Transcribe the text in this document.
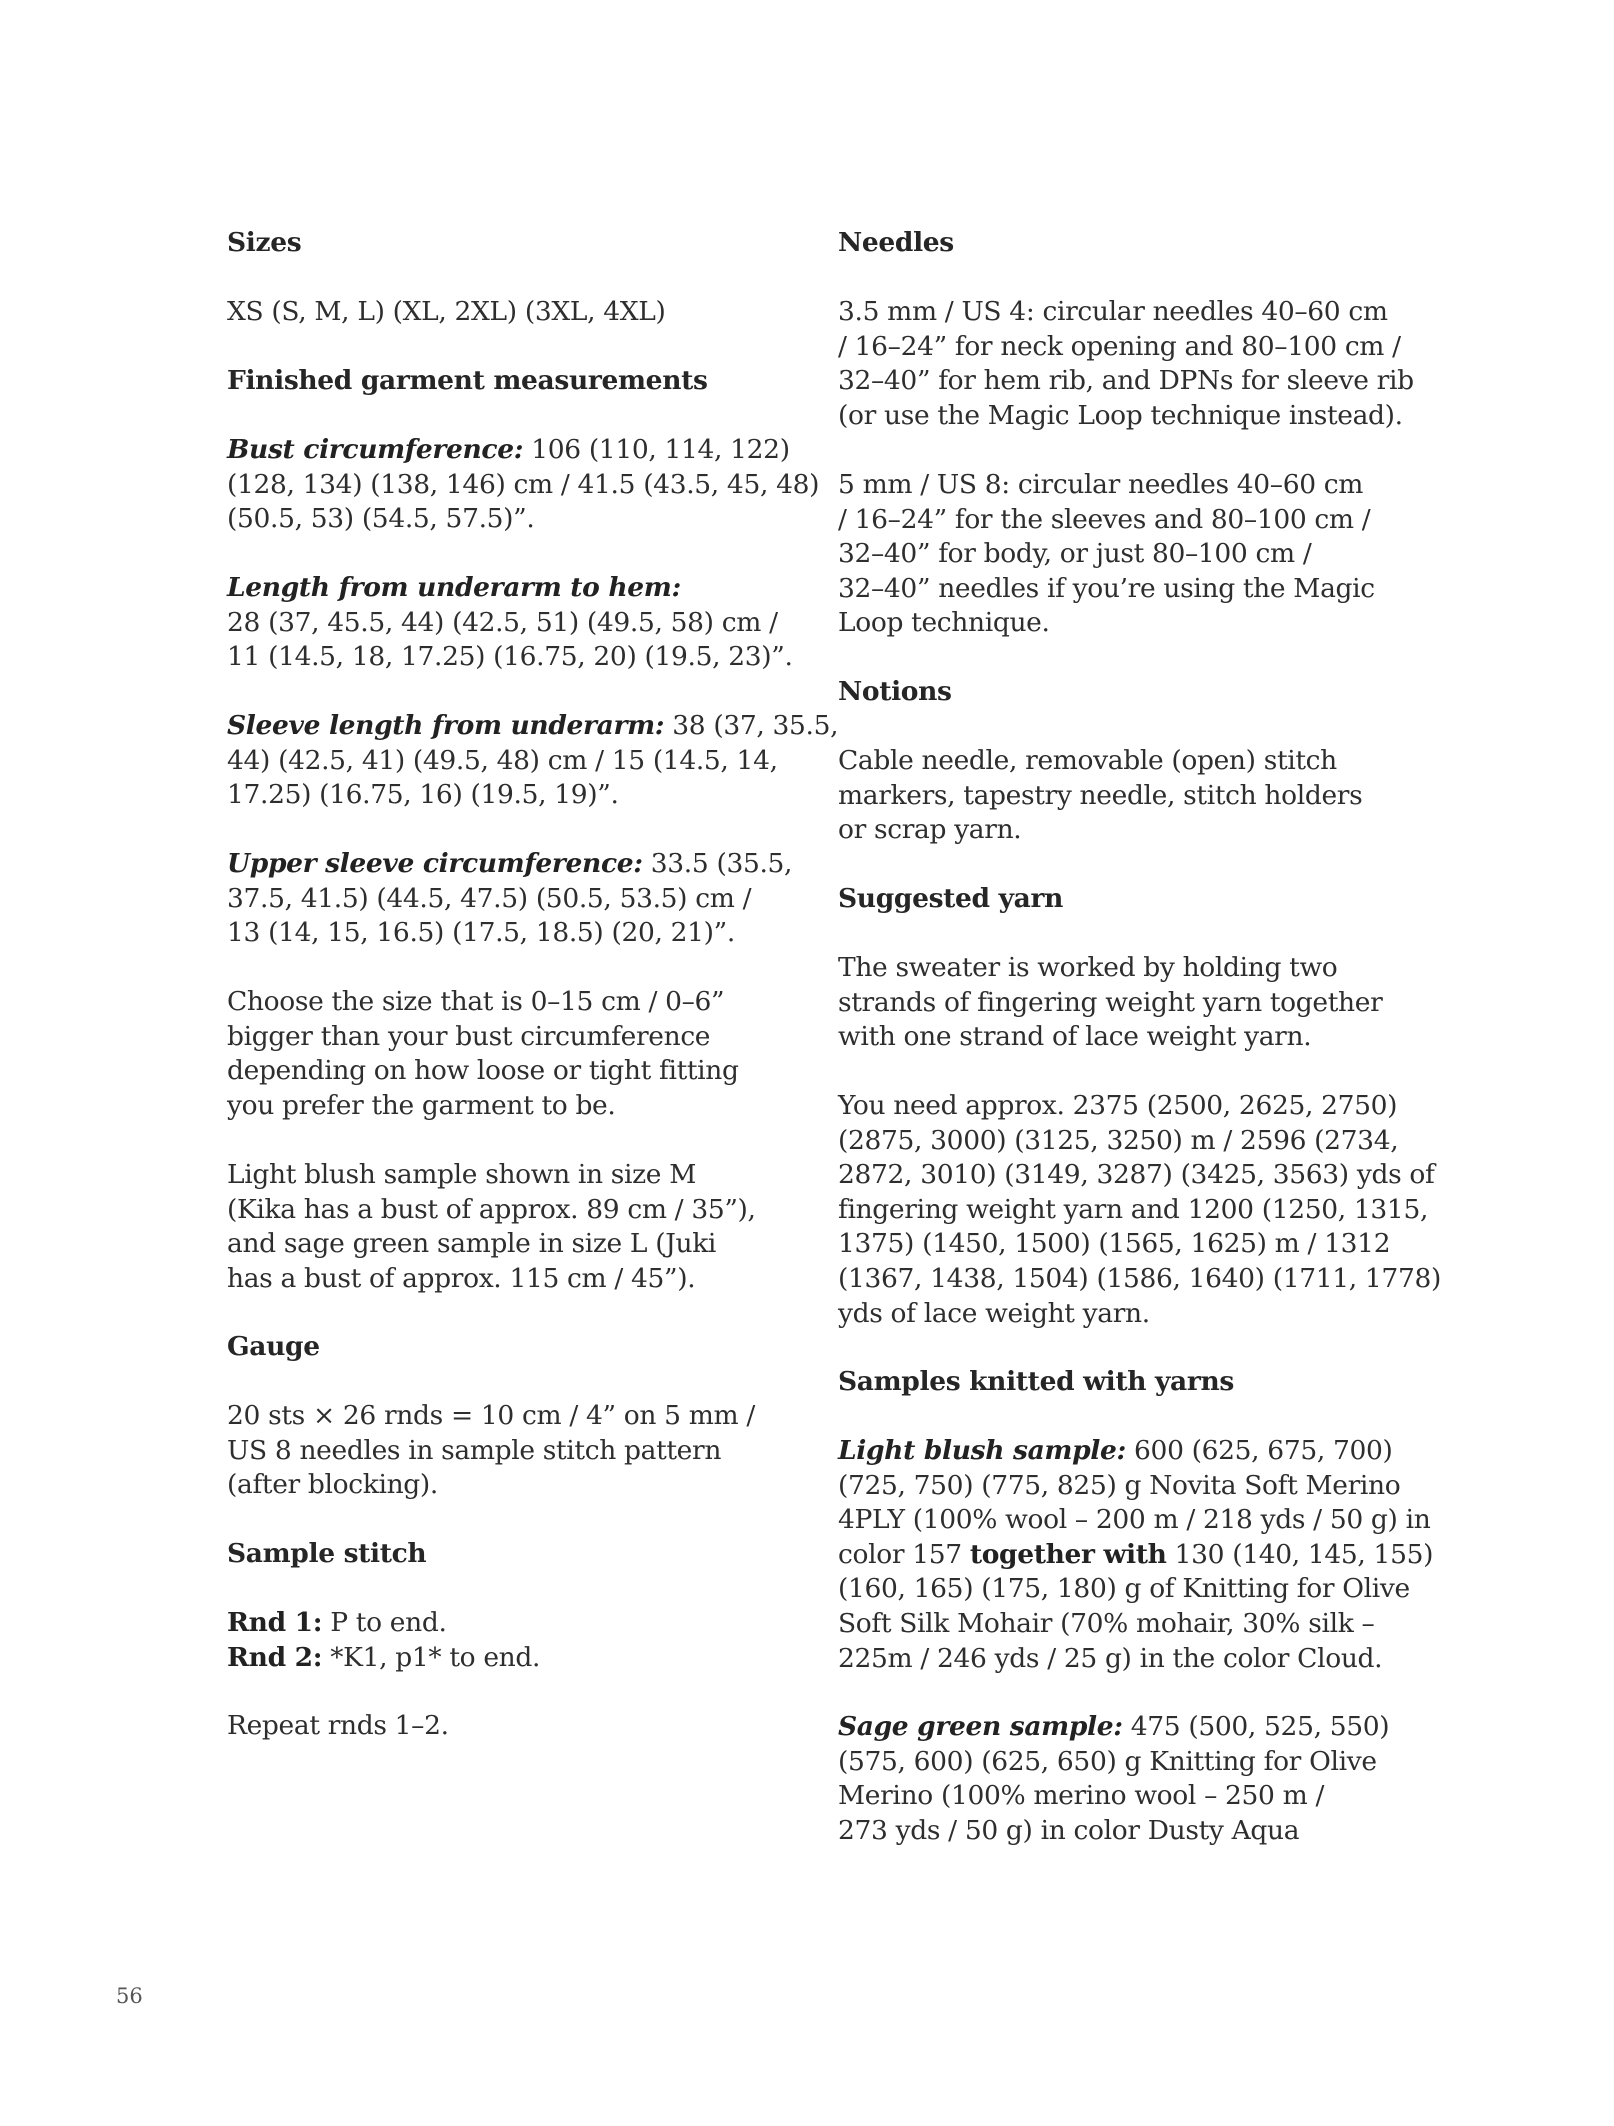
Sizes
XS (S, M, L) (XL, 2XL) (3XL, 4XL)
Finished garment measurements
Bust circumference: 106 (110, 114, 122)
(128, 134) (138, 146) cm / 41.5 (43.5, 45, 48)
(50.5, 53) (54.5, 57.5)”.
Length from underarm to hem:
28 (37, 45.5, 44) (42.5, 51) (49.5, 58) cm /
11 (14.5, 18, 17.25) (16.75, 20) (19.5, 23)”.
Sleeve length from underarm: 38 (37, 35.5,
44) (42.5, 41) (49.5, 48) cm / 15 (14.5, 14,
17.25) (16.75, 16) (19.5, 19)”.
Upper sleeve circumference: 33.5 (35.5,
37.5, 41.5) (44.5, 47.5) (50.5, 53.5) cm /
13 (14, 15, 16.5) (17.5, 18.5) (20, 21)”.
Choose the size that is 0–15 cm / 0–6”
bigger than your bust circumference
depending on how loose or tight fitting
you prefer the garment to be.
Light blush sample shown in size M
(Kika has a bust of approx. 89 cm / 35”),
and sage green sample in size L (Juki
has a bust of approx. 115 cm / 45”).
Gauge
20 sts × 26 rnds = 10 cm / 4” on 5 mm /
US 8 needles in sample stitch pattern
(after blocking).
Sample stitch
Rnd 1: P to end.
Rnd 2: *K1, p1* to end.
Repeat rnds 1–2.
Needles
3.5 mm / US 4: circular needles 40–60 cm
/ 16–24” for neck opening and 80–100 cm /
32–40” for hem rib, and DPNs for sleeve rib
(or use the Magic Loop technique instead).
5 mm / US 8: circular needles 40–60 cm
/ 16–24” for the sleeves and 80–100 cm /
32–40” for body, or just 80–100 cm /
32–40” needles if you’re using the Magic
Loop technique.
Notions
Cable needle, removable (open) stitch
markers, tapestry needle, stitch holders
or scrap yarn.
Suggested yarn
The sweater is worked by holding two
strands of fingering weight yarn together
with one strand of lace weight yarn.
You need approx. 2375 (2500, 2625, 2750)
(2875, 3000) (3125, 3250) m / 2596 (2734,
2872, 3010) (3149, 3287) (3425, 3563) yds of
fingering weight yarn and 1200 (1250, 1315,
1375) (1450, 1500) (1565, 1625) m / 1312
(1367, 1438, 1504) (1586, 1640) (1711, 1778)
yds of lace weight yarn.
Samples knitted with yarns
Light blush sample: 600 (625, 675, 700)
(725, 750) (775, 825) g Novita Soft Merino
4PLY (100% wool – 200 m / 218 yds / 50 g) in
color 157 together with 130 (140, 145, 155)
(160, 165) (175, 180) g of Knitting for Olive
Soft Silk Mohair (70% mohair, 30% silk –
225m / 246 yds / 25 g) in the color Cloud.
Sage green sample: 475 (500, 525, 550)
(575, 600) (625, 650) g Knitting for Olive
Merino (100% merino wool – 250 m /
273 yds / 50 g) in color Dusty Aqua
56
